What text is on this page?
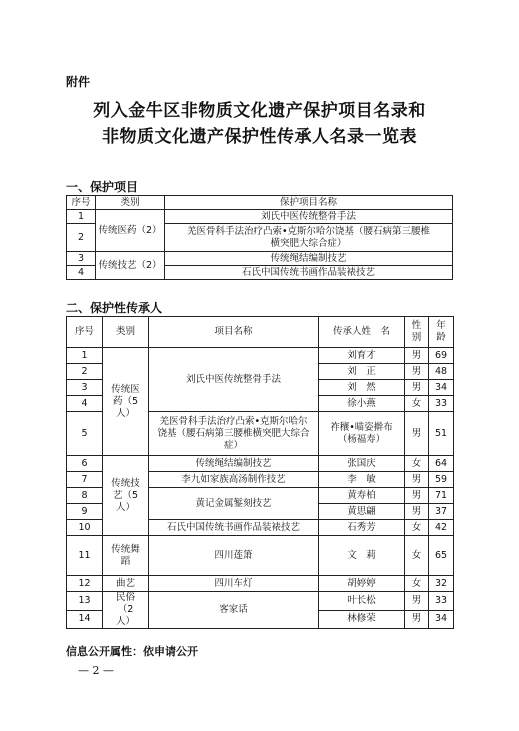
附件
列入金牛区非物质文化遗产保护项目名录和
非物质文化遗产保护性传承人名录一览表
一、保护项目
序号	类别	保护项目名称
1	传统医药（2）	刘氏中医传统整骨手法
2		羌医骨科手法治疗凸索•克斯尔哈尔饶基（腰石病第三腰椎横突肥大综合症）
3	传统技艺（2）	传统绳结编制技艺
4		石氏中国传统书画作品装裱技艺
二、保护性传承人
序号	类别	项目名称	传承人姓　名	性别	年龄
1	传统医药（5人）	刘氏中医传统整骨手法	刘育才	男	69
2			刘　正	男	48
3			刘　然	男	34
4			徐小燕	女	33
5		羌医骨科手法治疗凸索•克斯尔哈尔饶基（腰石病第三腰椎横突肥大综合症）	祚穰•喵姿擀布（杨福寿）	男	51
6	传统技艺（5人）	传统绳结编制技艺	张国庆	女	64
7		李九如家族高汤制作技艺	李　敏	男	59
8		黄记金属錾刻技艺	黄寿柏	男	71
9			黄思翩	男	37
10		石氏中国传统书画作品装裱技艺	石秀芳	女	42
11	传统舞蹈	四川莲箫	文　莉	女	65
12	曲艺	四川车灯	胡婷婷	女	32
13	民俗（2人）	客家话	叶长松	男	33
14			林修荣	男	34
信息公开属性：依申请公开
— 2 —
